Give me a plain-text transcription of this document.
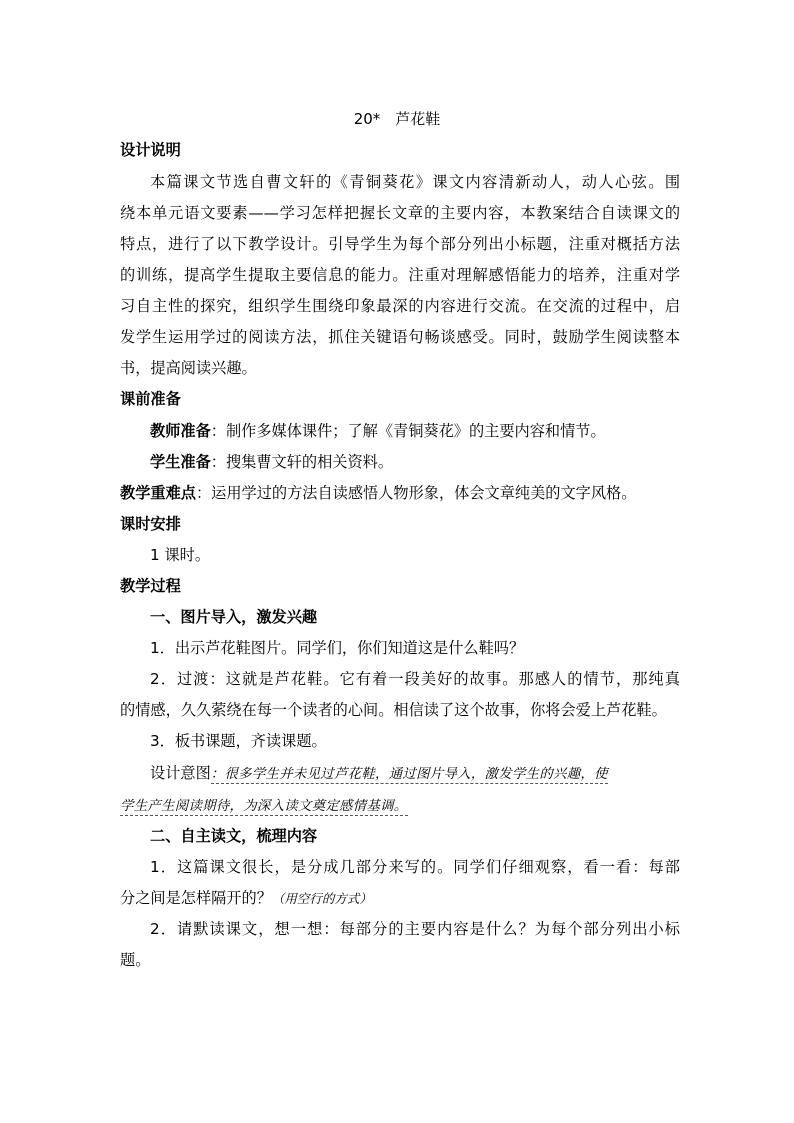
20*　芦花鞋
设计说明
本篇课文节选自曹文轩的《青铜葵花》课文内容清新动人，动人心弦。围
绕本单元语文要素——学习怎样把握长文章的主要内容，本教案结合自读课文的
特点，进行了以下教学设计。引导学生为每个部分列出小标题，注重对概括方法
的训练，提高学生提取主要信息的能力。注重对理解感悟能力的培养，注重对学
习自主性的探究，组织学生围绕印象最深的内容进行交流。在交流的过程中，启
发学生运用学过的阅读方法，抓住关键语句畅谈感受。同时，鼓励学生阅读整本
书，提高阅读兴趣。
课前准备
教师准备：制作多媒体课件；了解《青铜葵花》的主要内容和情节。
学生准备：搜集曹文轩的相关资料。
教学重难点：运用学过的方法自读感悟人物形象，体会文章纯美的文字风格。
课时安排
1 课时。
教学过程
一、图片导入，激发兴趣
1．出示芦花鞋图片。同学们，你们知道这是什么鞋吗？
2．过渡：这就是芦花鞋。它有着一段美好的故事。那感人的情节，那纯真
的情感，久久萦绕在每一个读者的心间。相信读了这个故事，你将会爱上芦花鞋。
3．板书课题，齐读课题。
设计意图：很多学生并未见过芦花鞋，通过图片导入，激发学生的兴趣，使
学生产生阅读期待，为深入读文奠定感情基调。
二、自主读文，梳理内容
1．这篇课文很长，是分成几部分来写的。同学们仔细观察，看一看：每部
分之间是怎样隔开的？（用空行的方式）
2．请默读课文，想一想：每部分的主要内容是什么？为每个部分列出小标
题。
